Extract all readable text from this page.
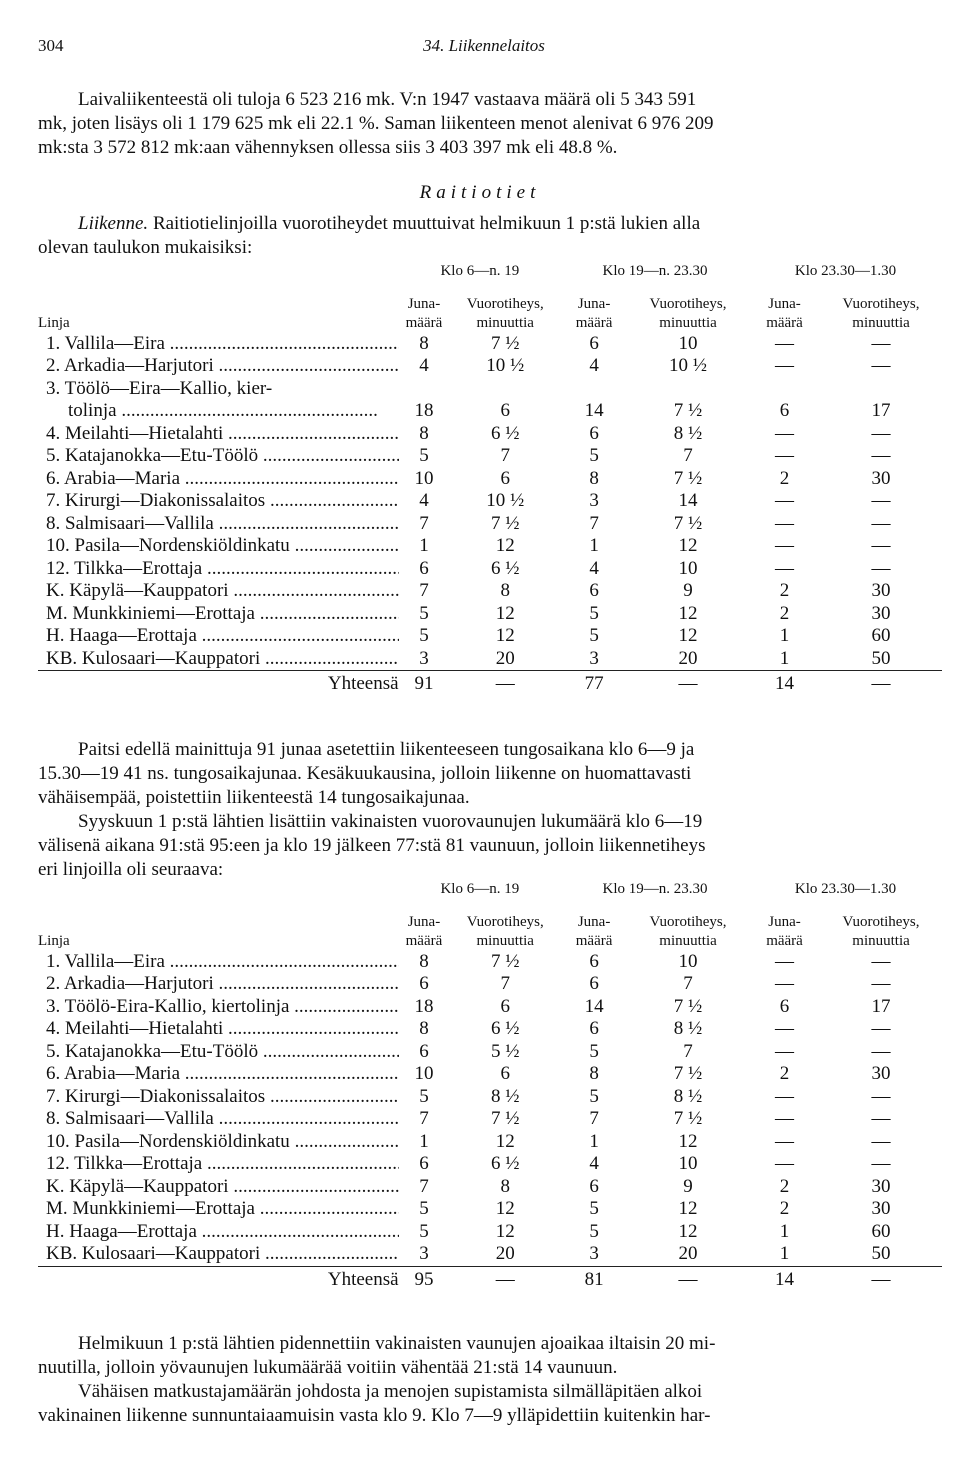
304	34. Liikennelaitos
Laivaliikenteestä oli tuloja 6 523 216 mk. V:n 1947 vastaava määrä oli 5 343 591
mk, joten lisäys oli 1 179 625 mk eli 22.1 %. Saman liikenteen menot alenivat 6 976 209
mk:sta 3 572 812 mk:aan vähennyksen ollessa siis 3 403 397 mk eli 48.8 %.
Raitiotiet
Liikenne. Raitiotielinjoilla vuorotiheydet muuttuivat helmikuun 1 p:stä lukien alla
olevan taulukon mukaisiksi:
	Klo 6—n. 19		Klo 19—n. 23.30		Klo 23.30—1.30	

	Juna-	Vuorotiheys,	Juna-	Vuorotiheys,	Juna-	Vuorotiheys,
Linja	määrä	minuuttia	määrä	minuuttia	määrä	minuuttia
1. Vallila—Eira .....	8	7 ½	6	10	—	—
2. Arkadia—Harjutori .....	4	10 ½	4	10 ½	—	—
3. Töölö—Eira—Kallio, kier-						
tolinja .....	18	6	14	7 ½	6	17
4. Meilahti—Hietalahti .....	8	6 ½	6	8 ½	—	—
5. Katajanokka—Etu-Töölö .....	5	7	5	7	—	—
6. Arabia—Maria .....	10	6	8	7 ½	2	30
7. Kirurgi—Diakonissalaitos .....	4	10 ½	3	14	—	—
8. Salmisaari—Vallila .....	7	7 ½	7	7 ½	—	—
10. Pasila—Nordenskiöldinkatu .....	1	12	1	12	—	—
12. Tilkka—Erottaja .....	6	6 ½	4	10	—	—
K. Käpylä—Kauppatori .....	7	8	6	9	2	30
M. Munkkiniemi—Erottaja .....	5	12	5	12	2	30
H. Haaga—Erottaja .....	5	12	5	12	1	60
KB. Kulosaari—Kauppatori .....	3	20	3	20	1	50
Yhteensä	91	—	77	—	14	—
Paitsi edellä mainittuja 91 junaa asetettiin liikenteeseen tungosaikana klo 6—9 ja
15.30—19 41 ns. tungosaikajunaa. Kesäkuukausina, jolloin liikenne on huomattavasti
vähäisempää, poistettiin liikenteestä 14 tungosaikajunaa.
Syyskuun 1 p:stä lähtien lisättiin vakinaisten vuorovaunujen lukumäärä klo 6—19
välisenä aikana 91:stä 95:een ja klo 19 jälkeen 77:stä 81 vaunuun, jolloin liikennetiheys
eri linjoilla oli seuraava:
	Klo 6—n. 19		Klo 19—n. 23.30		Klo 23.30—1.30	

	Juna-	Vuorotiheys,	Juna-	Vuorotiheys,	Juna-	Vuorotiheys,
Linja	määrä	minuuttia	määrä	minuuttia	määrä	minuuttia
1. Vallila—Eira .....	8	7 ½	6	10	—	—
2. Arkadia—Harjutori .....	6	7	6	7	—	—
3. Töölö-Eira-Kallio, kiertolinja .....	18	6	14	7 ½	6	17
4. Meilahti—Hietalahti .....	8	6 ½	6	8 ½	—	—
5. Katajanokka—Etu-Töölö .....	6	5 ½	5	7	—	—
6. Arabia—Maria .....	10	6	8	7 ½	2	30
7. Kirurgi—Diakonissalaitos .....	5	8 ½	5	8 ½	—	—
8. Salmisaari—Vallila .....	7	7 ½	7	7 ½	—	—
10. Pasila—Nordenskiöldinkatu .....	1	12	1	12	—	—
12. Tilkka—Erottaja .....	6	6 ½	4	10	—	—
K. Käpylä—Kauppatori .....	7	8	6	9	2	30
M. Munkkiniemi—Erottaja .....	5	12	5	12	2	30
H. Haaga—Erottaja .....	5	12	5	12	1	60
KB. Kulosaari—Kauppatori .....	3	20	3	20	1	50
Yhteensä	95	—	81	—	14	—
Helmikuun 1 p:stä lähtien pidennettiin vakinaisten vaunujen ajoaikaa iltaisin 20 mi-
nuutilla, jolloin yövaunujen lukumäärää voitiin vähentää 21:stä 14 vaunuun.
Vähäisen matkustajamäärän johdosta ja menojen supistamista silmälläpitäen alkoi
vakinainen liikenne sunnuntaiaamuisin vasta klo 9. Klo 7—9 ylläpidettiin kuitenkin har-
